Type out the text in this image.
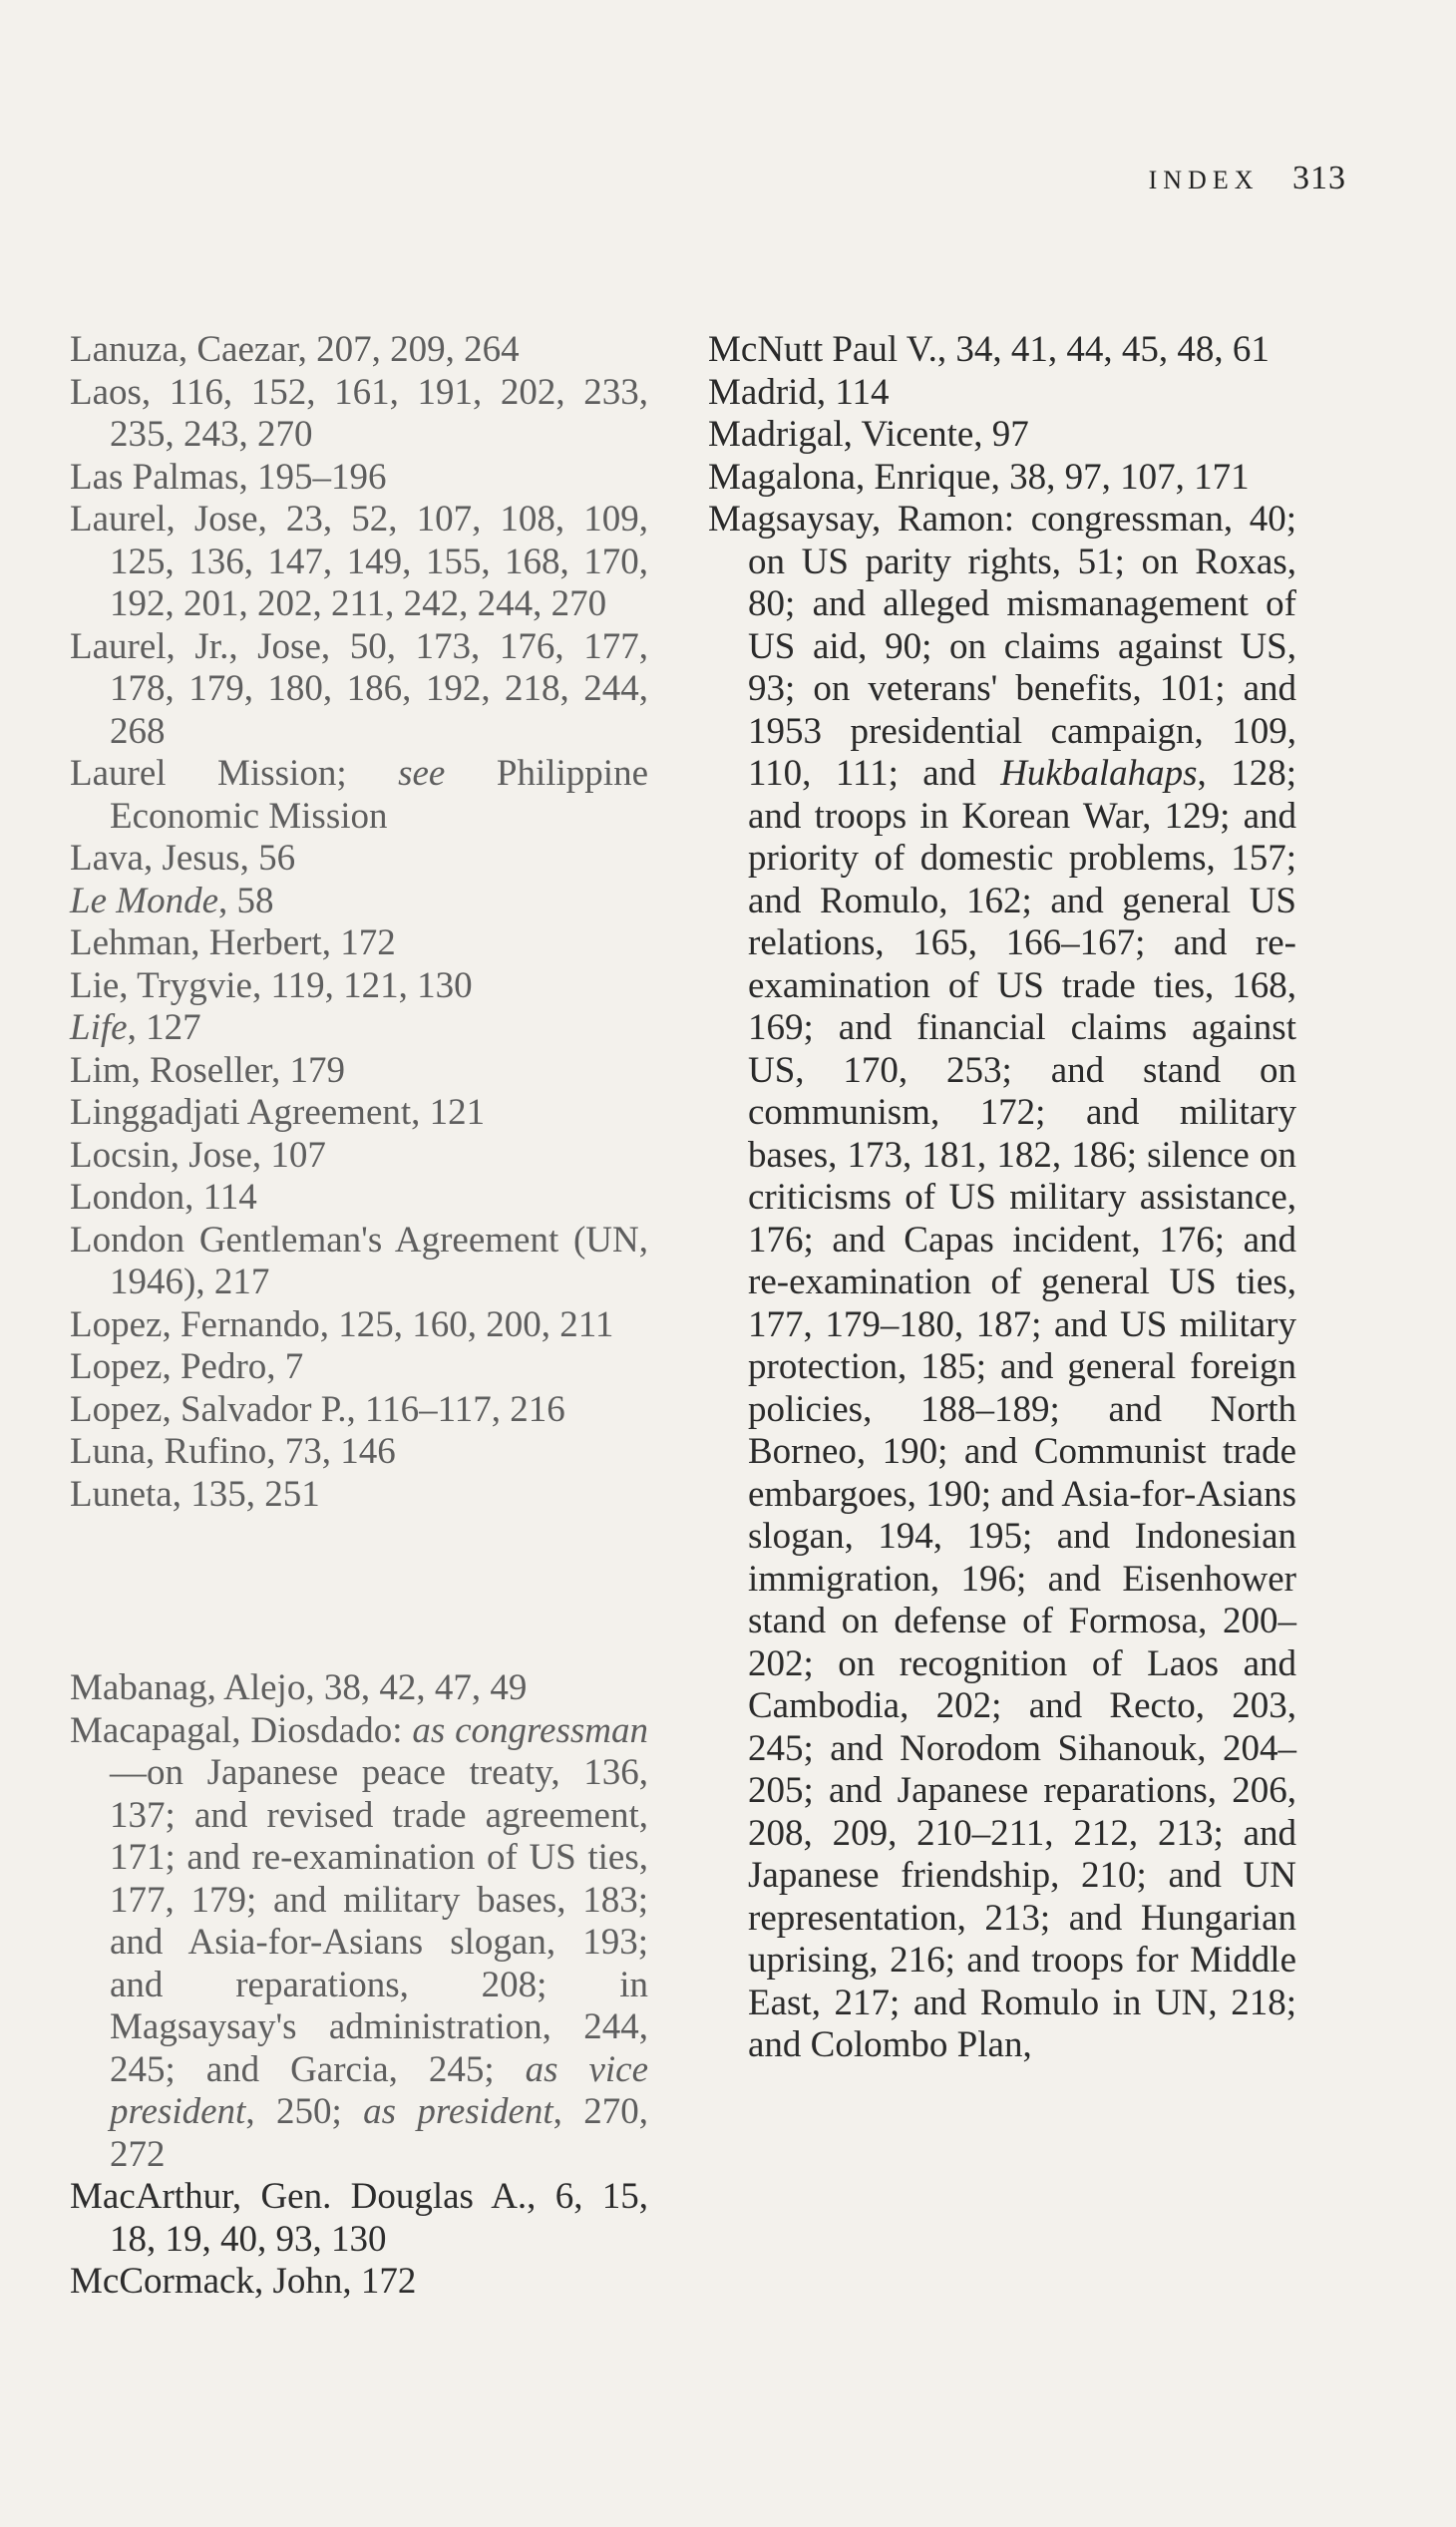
INDEX 313

Lanuza, Caezar, 207, 209, 264

Laos, 116, 152, 161, 191, 202, 233, 235, 243, 270

Las Palmas, 195–196

Laurel, Jose, 23, 52, 107, 108, 109, 125, 136, 147, 149, 155, 168, 170, 192, 201, 202, 211, 242, 244, 270

Laurel, Jr., Jose, 50, 173, 176, 177, 178, 179, 180, 186, 192, 218, 244, 268

Laurel Mission; see Philippine Economic Mission

Lava, Jesus, 56

Le Monde, 58

Lehman, Herbert, 172

Lie, Trygvie, 119, 121, 130

Life, 127

Lim, Roseller, 179

Linggadjati Agreement, 121

Locsin, Jose, 107

London, 114

London Gentleman's Agreement (UN, 1946), 217

Lopez, Fernando, 125, 160, 200, 211

Lopez, Pedro, 7

Lopez, Salvador P., 116–117, 216

Luna, Rufino, 73, 146

Luneta, 135, 251

Mabanag, Alejo, 38, 42, 47, 49

Macapagal, Diosdado: as congressman—on Japanese peace treaty, 136, 137; and revised trade agreement, 171; and re-examination of US ties, 177, 179; and military bases, 183; and Asia-for-Asians slogan, 193; and reparations, 208; in Magsaysay's administration, 244, 245; and Garcia, 245; as vice president, 250; as president, 270, 272

MacArthur, Gen. Douglas A., 6, 15, 18, 19, 40, 93, 130

McCormack, John, 172

McNutt Paul V., 34, 41, 44, 45, 48, 61

Madrid, 114

Madrigal, Vicente, 97

Magalona, Enrique, 38, 97, 107, 171

Magsaysay, Ramon: congressman, 40; on US parity rights, 51; on Roxas, 80; and alleged mismanagement of US aid, 90; on claims against US, 93; on veterans' benefits, 101; and 1953 presidential campaign, 109, 110, 111; and Hukbalahaps, 128; and troops in Korean War, 129; and priority of domestic problems, 157; and Romulo, 162; and general US relations, 165, 166–167; and re-examination of US trade ties, 168, 169; and financial claims against US, 170, 253; and stand on communism, 172; and military bases, 173, 181, 182, 186; silence on criticisms of US military assistance, 176; and Capas incident, 176; and re-examination of general US ties, 177, 179–180, 187; and US military protection, 185; and general foreign policies, 188–189; and North Borneo, 190; and Communist trade embargoes, 190; and Asia-for-Asians slogan, 194, 195; and Indonesian immigration, 196; and Eisenhower stand on defense of Formosa, 200–202; on recognition of Laos and Cambodia, 202; and Recto, 203, 245; and Norodom Sihanouk, 204–205; and Japanese reparations, 206, 208, 209, 210–211, 212, 213; and Japanese friendship, 210; and UN representation, 213; and Hungarian uprising, 216; and troops for Middle East, 217; and Romulo in UN, 218; and Colombo Plan,
